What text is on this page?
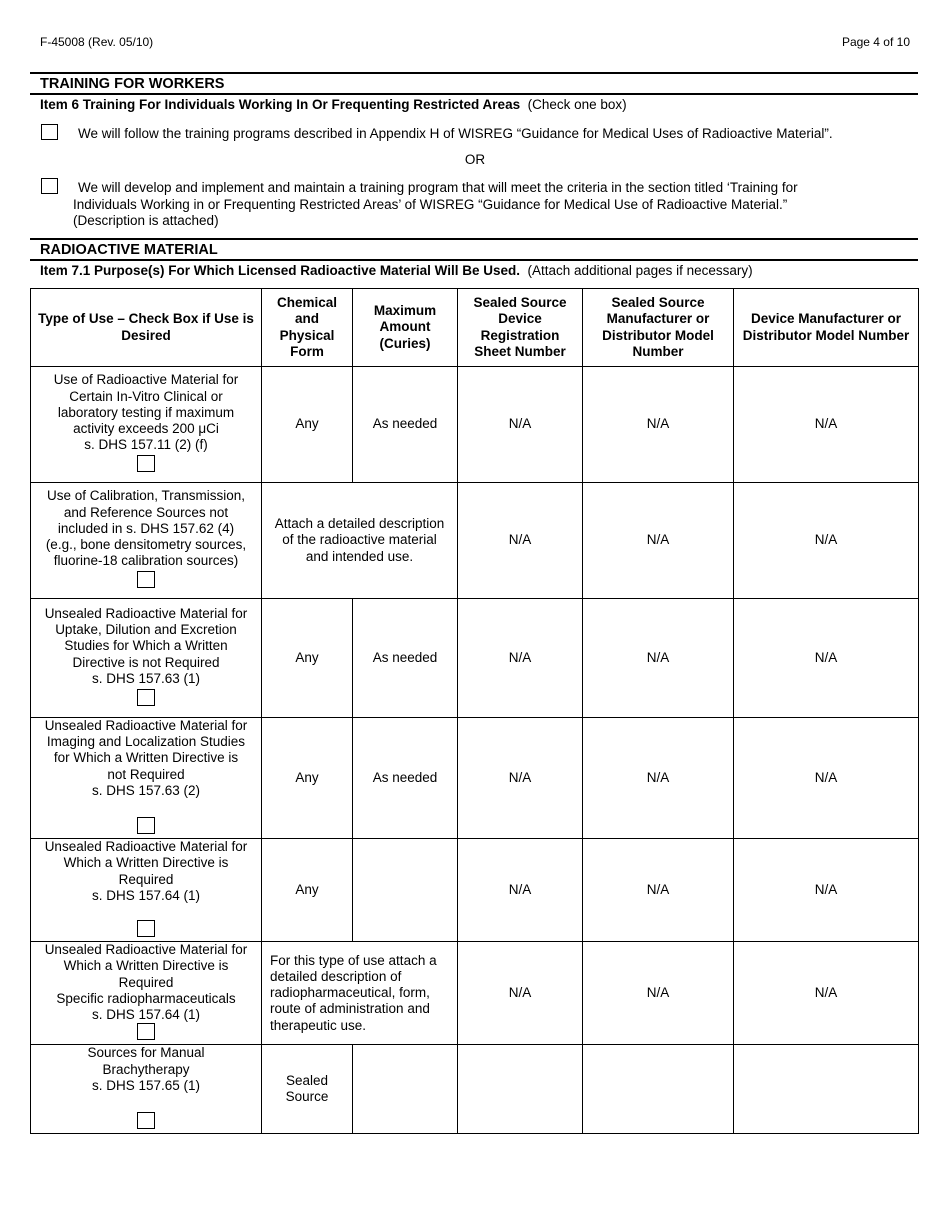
F-45008 (Rev. 05/10)	Page 4 of 10
TRAINING FOR WORKERS
Item 6 Training For Individuals Working In Or Frequenting Restricted Areas (Check one box)
We will follow the training programs described in Appendix H of WISREG “Guidance for Medical Uses of Radioactive Material”.
OR
We will develop and implement and maintain a training program that will meet the criteria in the section titled ‘Training for
Individuals Working in or Frequenting Restricted Areas’ of WISREG “Guidance for Medical Use of Radioactive Material.”
(Description is attached)
RADIOACTIVE MATERIAL
Item 7.1 Purpose(s) For Which Licensed Radioactive Material Will Be Used. (Attach additional pages if necessary)
Type of Use – Check Box if Use is Desired	Chemical and Physical Form	Maximum Amount (Curies)	Sealed Source Device Registration Sheet Number	Sealed Source Manufacturer or Distributor Model Number	Device Manufacturer or Distributor Model Number

Use of Radioactive Material for
Certain In-Vitro Clinical or
laboratory testing if maximum
activity exceeds 200 μCi
s. DHS 157.11 (2) (f)	Any	As needed	N/A	N/A	N/A

Use of Calibration, Transmission,
and Reference Sources not
included in s. DHS 157.62 (4)
(e.g., bone densitometry sources,
fluorine-18 calibration sources)	Attach a detailed description of the radioactive material and intended use.		N/A	N/A	N/A

Unsealed Radioactive Material for
Uptake, Dilution and Excretion
Studies for Which a Written
Directive is not Required
s. DHS 157.63 (1)	Any	As needed	N/A	N/A	N/A

Unsealed Radioactive Material for
Imaging and Localization Studies
for Which a Written Directive is
not Required
s. DHS 157.63 (2)	Any	As needed	N/A	N/A	N/A

Unsealed Radioactive Material for
Which a Written Directive is
Required
s. DHS 157.64 (1)	Any		N/A	N/A	N/A

Unsealed Radioactive Material for
Which a Written Directive is
Required
Specific radiopharmaceuticals
s. DHS 157.64 (1)	For this type of use attach a detailed description of radiopharmaceutical, form, route of administration and therapeutic use.		N/A	N/A	N/A

Sources for Manual
Brachytherapy
s. DHS 157.65 (1)	Sealed Source				
